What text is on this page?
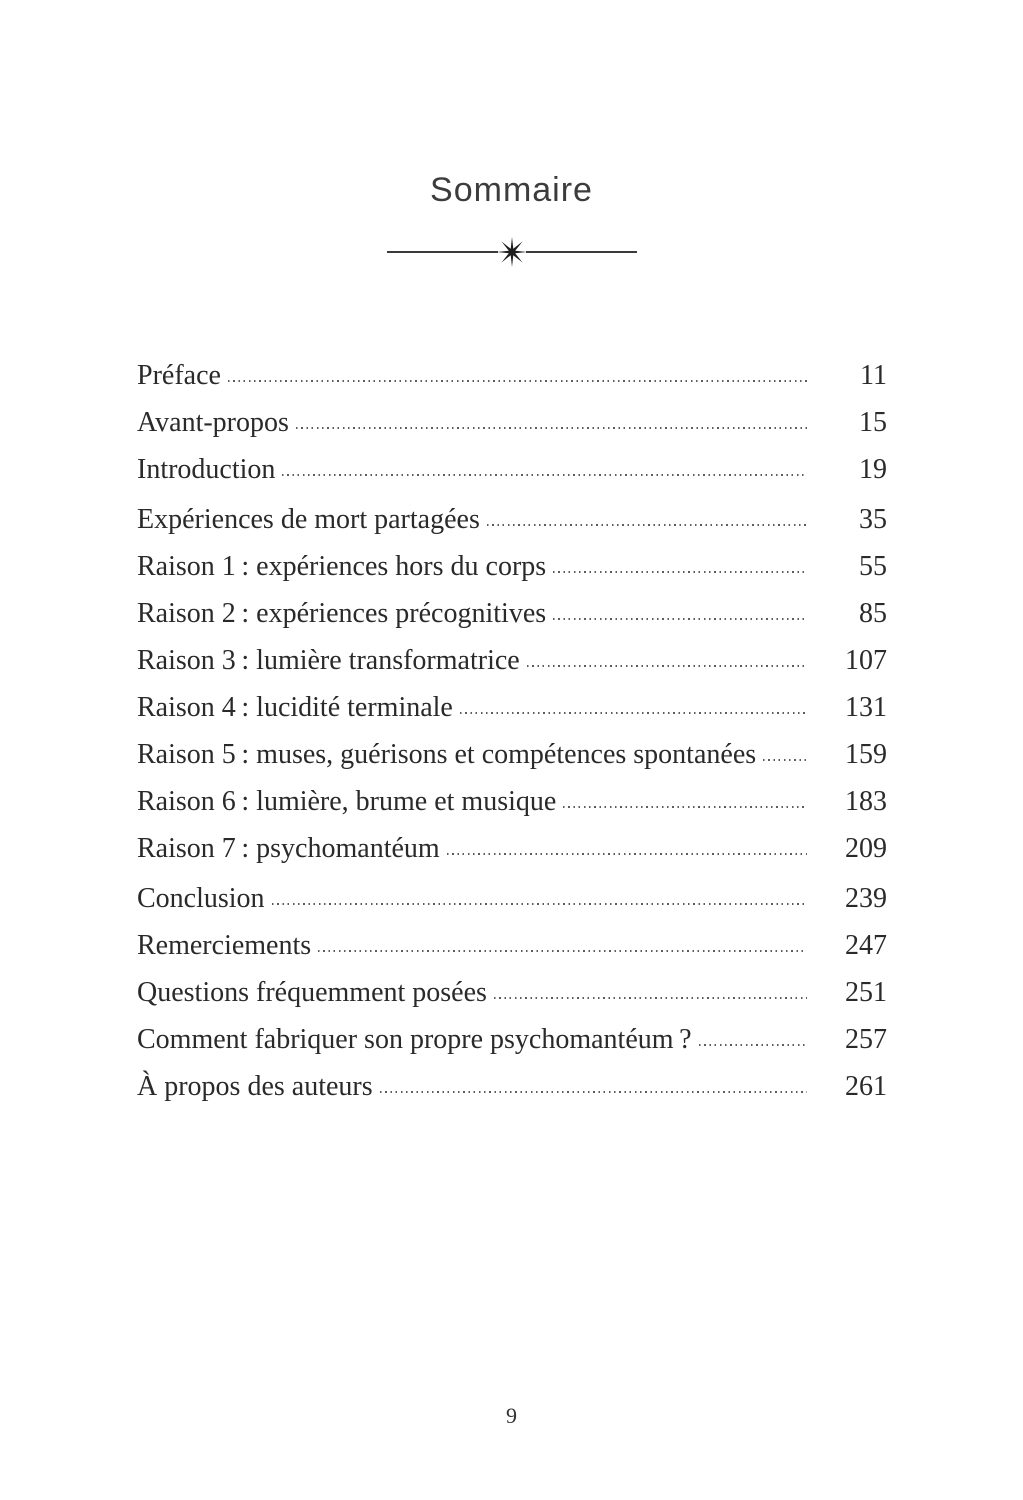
Sommaire
Préface	11
Avant-propos	15
Introduction	19
Expériences de mort partagées	35
Raison 1 : expériences hors du corps	55
Raison 2 : expériences précognitives	85
Raison 3 : lumière transformatrice	107
Raison 4 : lucidité terminale	131
Raison 5 : muses, guérisons et compétences spontanées	159
Raison 6 : lumière, brume et musique	183
Raison 7 : psychomantéum	209
Conclusion	239
Remerciements	247
Questions fréquemment posées	251
Comment fabriquer son propre psychomantéum ?	257
À propos des auteurs	261
9
